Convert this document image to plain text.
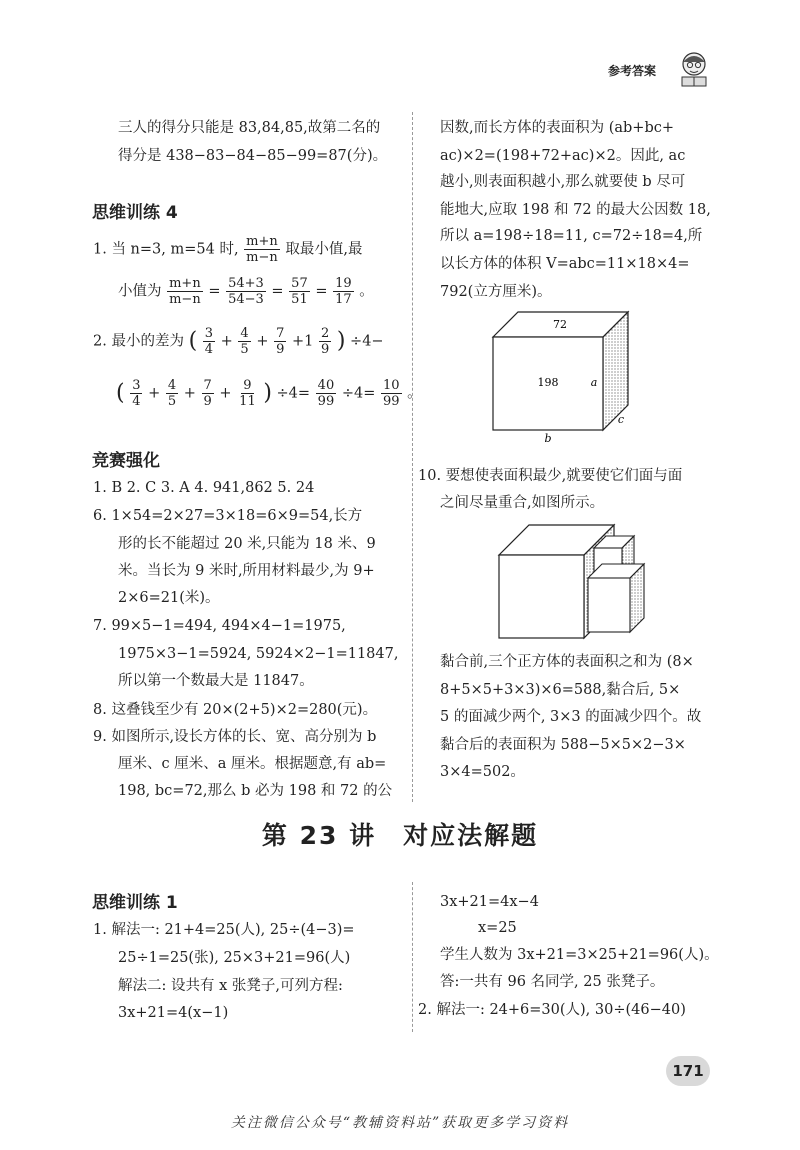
参考答案
三人的得分只能是 83,84,85,故第二名的
得分是 438−83−84−85−99=87(分)。
思维训练 4
1. 当 n=3, m=54 时, $\frac{m+n}{m-n}$ 取最小值,最
小值为 $\frac{m+n}{m-n} = \frac{54+3}{54-3} = \frac{57}{51} = \frac{19}{17}$ 。
2. 最小的差为 ( $\frac{3}{4} + \frac{4}{5} + \frac{7}{9} +1 \frac{2}{9}$ ) ÷4−
( $\frac{3}{4} + \frac{4}{5} + \frac{7}{9} + \frac{9}{11}$ ) $\div 4= \frac{40}{99} \div 4= \frac{10}{99}$ 。
竞赛强化
1. B 2. C 3. A 4. 941,862 5. 24
6. 1×54=2×27=3×18=6×9=54,长方
形的长不能超过 20 米,只能为 18 米、9
米。当长为 9 米时,所用材料最少,为 9+
2×6=21(米)。
7. 99×5−1=494, 494×4−1=1975,
1975×3−1=5924, 5924×2−1=11847,
所以第一个数最大是 11847。
8. 这叠钱至少有 20×(2+5)×2=280(元)。
9. 如图所示,设长方体的长、宽、高分别为 b
厘米、c 厘米、a 厘米。根据题意,有 ab=
198, bc=72,那么 b 必为 198 和 72 的公
因数,而长方体的表面积为 (ab+bc+
ac)×2=(198+72+ac)×2。因此, ac
越小,则表面积越小,那么就要使 b 尽可
能地大,应取 198 和 72 的最大公因数 18,
所以 a=198÷18=11, c=72÷18=4,所
以长方体的体积 V=abc=11×18×4=
792(立方厘米)。
72
198	a
c
b
10. 要想使表面积最少,就要使它们面与面
之间尽量重合,如图所示。
黏合前,三个正方体的表面积之和为 (8×
8+5×5+3×3)×6=588,黏合后, 5×
5 的面减少两个, 3×3 的面减少四个。故
黏合后的表面积为 588−5×5×2−3×
3×4=502。
第 23 讲　对应法解题
思维训练 1
1. 解法一: 21+4=25(人), 25÷(4−3)=
25÷1=25(张), 25×3+21=96(人)
解法二: 设共有 x 张凳子,可列方程:
3x+21=4(x−1)
3x+21=4x−4
x=25
学生人数为 3x+21=3×25+21=96(人)。
答:一共有 96 名同学, 25 张凳子。
2. 解法一: 24+6=30(人), 30÷(46−40)
171
关注微信公众号“教辅资料站”获取更多学习资料
